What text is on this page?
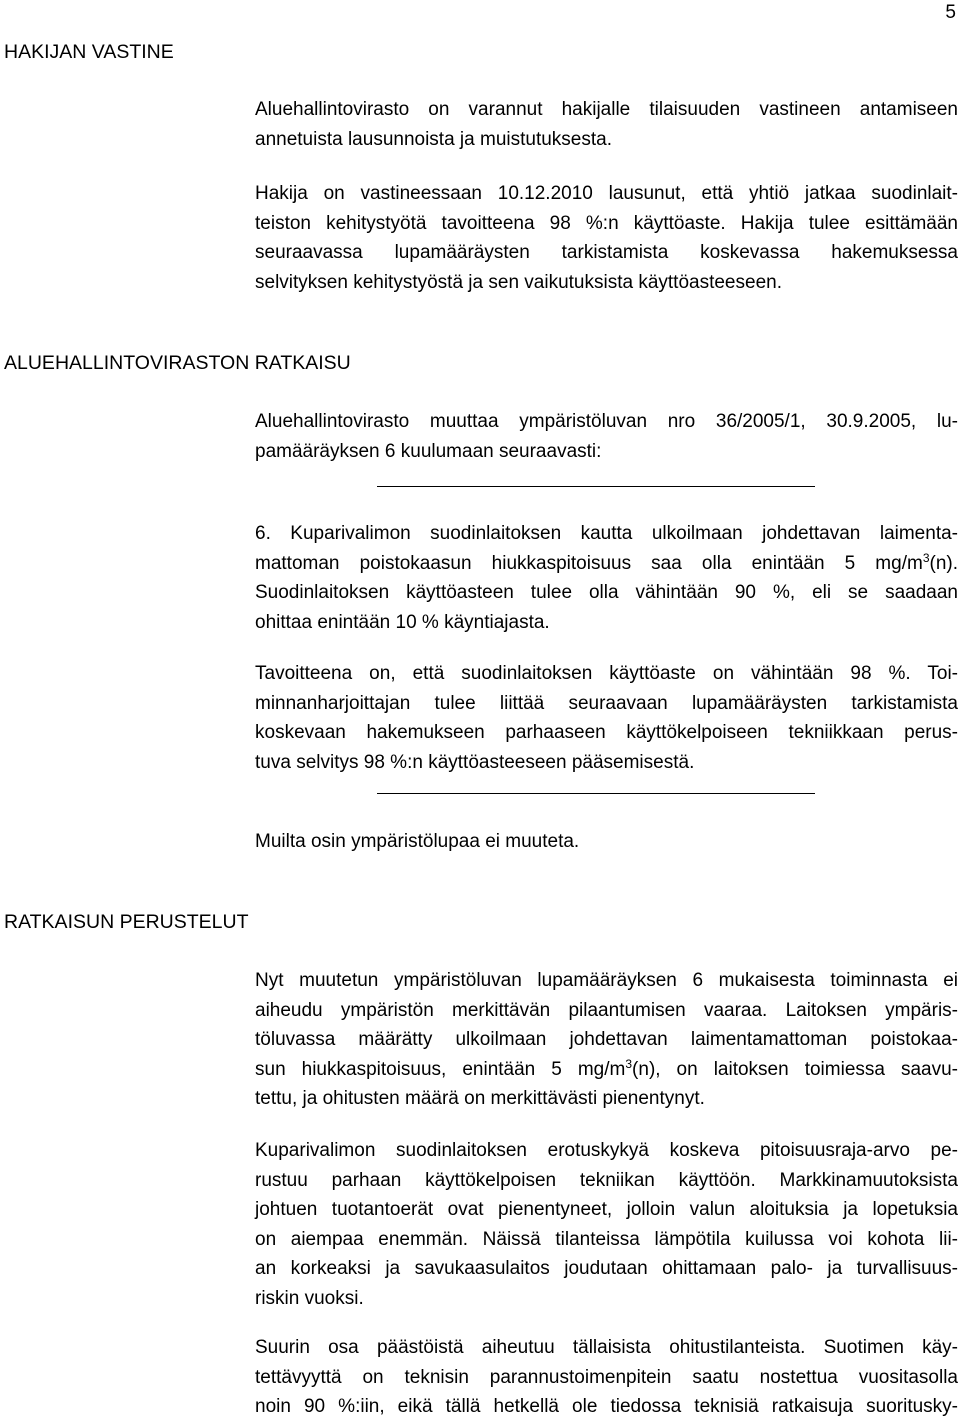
5
HAKIJAN VASTINE
Aluehallintovirasto on varannut hakijalle tilaisuuden vastineen antamiseen
annetuista lausunnoista ja muistutuksesta.
Hakija on vastineessaan 10.12.2010 lausunut, että yhtiö jatkaa suodinlait-
teiston kehitystyötä tavoitteena 98 %:n käyttöaste. Hakija tulee esittämään
seuraavassa lupamääräysten tarkistamista koskevassa hakemuksessa
selvityksen kehitystyöstä ja sen vaikutuksista käyttöasteeseen.
ALUEHALLINTOVIRASTON RATKAISU
Aluehallintovirasto muuttaa ympäristöluvan nro 36/2005/1, 30.9.2005, lu-
pamääräyksen 6 kuulumaan seuraavasti:
6. Kuparivalimon suodinlaitoksen kautta ulkoilmaan johdettavan laimenta-
mattoman poistokaasun hiukkaspitoisuus saa olla enintään 5 $mg/m^3(n)$.
Suodinlaitoksen käyttöasteen tulee olla vähintään 90 %, eli se saadaan
ohittaa enintään 10 % käyntiajasta.
Tavoitteena on, että suodinlaitoksen käyttöaste on vähintään 98 %. Toi-
minnanharjoittajan tulee liittää seuraavaan lupamääräysten tarkistamista
koskevaan hakemukseen parhaaseen käyttökelpoiseen tekniikkaan perus-
tuva selvitys 98 %:n käyttöasteeseen pääsemisestä.
Muilta osin ympäristölupaa ei muuteta.
RATKAISUN PERUSTELUT
Nyt muutetun ympäristöluvan lupamääräyksen 6 mukaisesta toiminnasta ei
aiheudu ympäristön merkittävän pilaantumisen vaaraa. Laitoksen ympäris-
töluvassa määrätty ulkoilmaan johdettavan laimentamattoman poistokaa-
sun hiukkaspitoisuus, enintään 5 $mg/m^3(n)$, on laitoksen toimiessa saavu-
tettu, ja ohitusten määrä on merkittävästi pienentynyt.
Kuparivalimon suodinlaitoksen erotuskykyä koskeva pitoisuusraja-arvo pe-
rustuu parhaan käyttökelpoisen tekniikan käyttöön. Markkinamuutoksista
johtuen tuotantoerät ovat pienentyneet, jolloin valun aloituksia ja lopetuksia
on aiempaa enemmän. Näissä tilanteissa lämpötila kuilussa voi kohota lii-
an korkeaksi ja savukaasulaitos joudutaan ohittamaan palo- ja turvallisuus-
riskin vuoksi.
Suurin osa päästöistä aiheutuu tällaisista ohitustilanteista. Suotimen käy-
tettävyyttä on teknisin parannustoimenpitein saatu nostettua vuositasolla
noin 90 %:iin, eikä tällä hetkellä ole tiedossa teknisiä ratkaisuja suoritusky-
